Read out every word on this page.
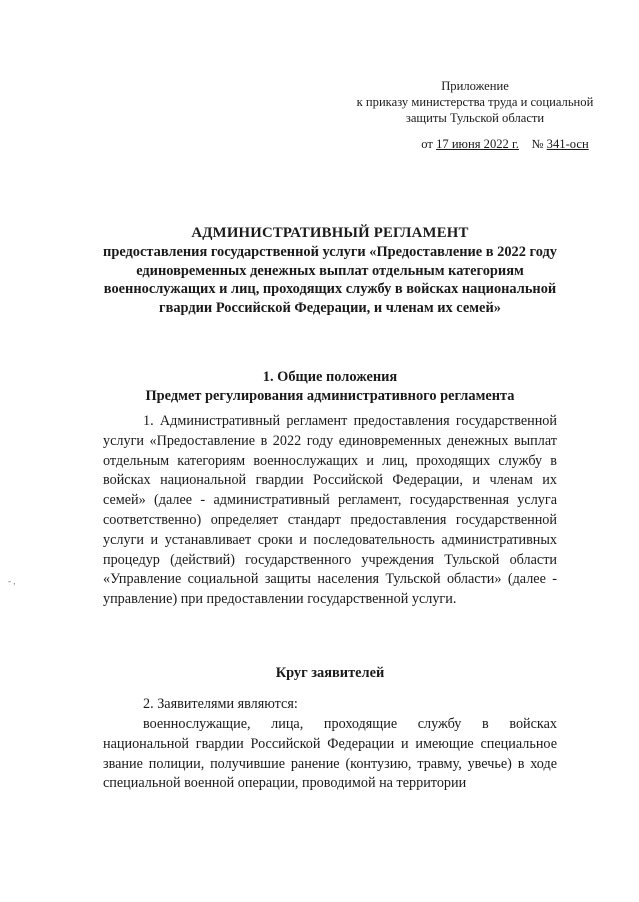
Приложение
к приказу министерства труда и социальной
защиты Тульской области
от 17 июня 2022 г. № 341-осн
АДМИНИСТРАТИВНЫЙ РЕГЛАМЕНТ
предоставления государственной услуги «Предоставление в 2022 году единовременных денежных выплат отдельным категориям военнослужащих и лиц, проходящих службу в войсках национальной гвардии Российской Федерации, и членам их семей»
1. Общие положения
Предмет регулирования административного регламента
1. Административный регламент предоставления государственной услуги «Предоставление в 2022 году единовременных денежных выплат отдельным категориям военнослужащих и лиц, проходящих службу в войсках национальной гвардии Российской Федерации, и членам их семей» (далее - административный регламент, государственная услуга соответственно) определяет стандарт предоставления государственной услуги и устанавливает сроки и последовательность административных процедур (действий) государственного учреждения Тульской области «Управление социальной защиты населения Тульской области» (далее - управление) при предоставлении государственной услуги.
Круг заявителей
2. Заявителями являются:
военнослужащие, лица, проходящие службу в войсках национальной гвардии Российской Федерации и имеющие специальное звание полиции, получившие ранение (контузию, травму, увечье) в ходе специальной военной операции, проводимой на территории
- ,
